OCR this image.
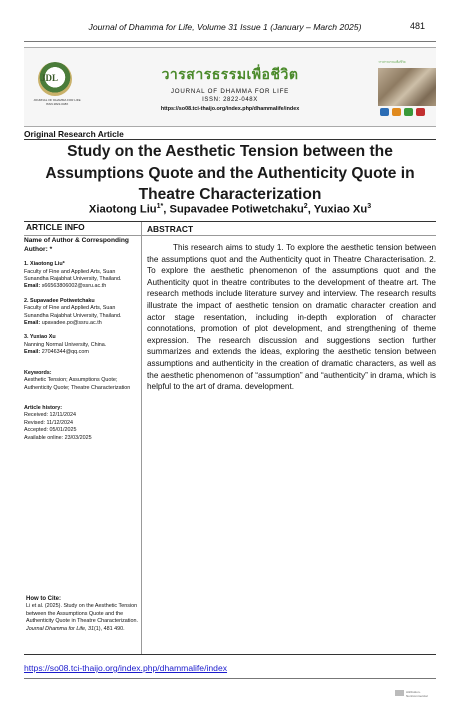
Journal of Dhamma for Life, Volume 31 Issue 1 (January – March 2025)	481
JDL
JOURNAL OF DHAMMA FOR LIFE ISSN 2822-048X
วารสารธรรมเพื่อชีวิต
JOURNAL OF DHAMMA FOR LIFE
ISSN: 2822-048X
https://so08.tci-thaijo.org/index.php/dhammalife/index
วารสารธรรมเพื่อชีวิต
Original Research Article
Study on the Aesthetic Tension between the Assumptions Quote and the Authenticity Quote in Theatre Characterization
Xiaotong Liu$^{1*}$, Supavadee Potiwetchaku$^2$, Yuxiao Xu$^3$
ARTICLE INFO
Name of Author & Corresponding Author: *
1. Xiaotong Liu*
Faculty of Fine and Applied Arts, Suan Sunandha Rajabhat University, Thailand.
Email: s66563806002@ssru.ac.th
2. Supavadee Potiwetchaku
Faculty of Fine and Applied Arts, Suan Sunandha Rajabhat University, Thailand.
Email: upavadee.po@ssru.ac.th
3. Yuxiao Xu
Nanning Normal University, China.
Email: 27046344@qq.com
Keywords:
Aesthetic Tension; Assumptions Quote; Authenticity Quote; Theatre Characterization
Article history:
Received: 12/11/2024
Revised: 11/12/2024
Accepted: 05/01/2025
Available online: 23/03/2025
How to Cite:
Li et al. (2025). Study on the Aesthetic Tension between the Assumptions Quote and the Authenticity Quote in Theatre Characterization. Journal Dhamma for Life, 31(1), 481 490.
ABSTRACT
This research aims to study 1. To explore the aesthetic tension between the assumptions quot and the Authenticity quot in Theatre Characterisation. 2. To explore the aesthetic phenomenon of the assumptions quot and the Authenticity quot in theatre contributes to the development of theatre art. The research methods include literature survey and interview. The research results illustrate the impact of aesthetic tension on dramatic character creation and actor stage resentation, including in-depth exploration of character connotations, promotion of plot development, and strengthening of theme expression. The research discussion and suggestions section further summarizes and extends the ideas, exploring the aesthetic tension between assumptions and authenticity in the creation of dramatic characters, as well as the aesthetic phenomenon of “assumption” and “authenticity” in drama, which is helpful to the art of drama. development.
https://so08.tci-thaijo.org/index.php/dhammalife/index
Attribution-NonCommercial
